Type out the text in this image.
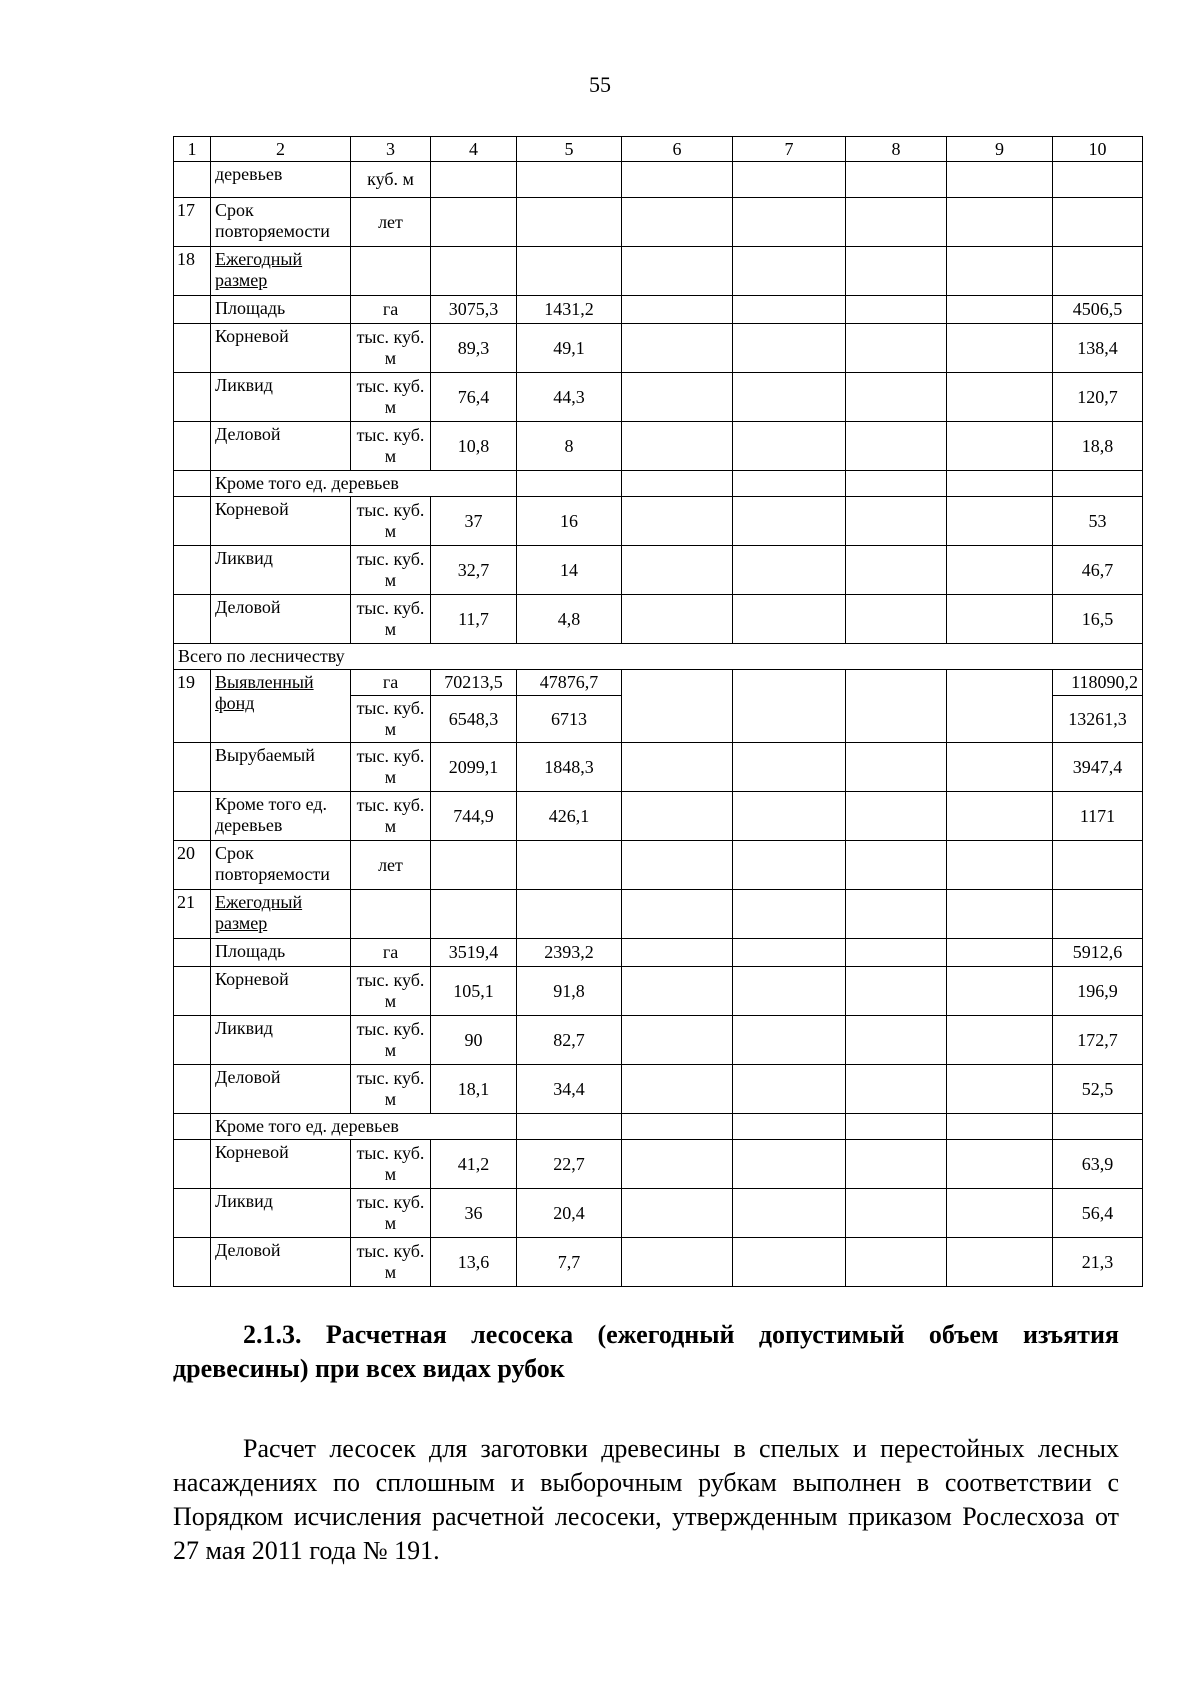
55
1	2	3	4	5	6	7	8	9	10
	деревьев	куб. м							
17	Срок повторяемости	лет							
18	Ежегодный размер								
	Площадь	га	3075,3	1431,2					4506,5
	Корневой	тыс. куб. м	89,3	49,1					138,4
	Ликвид	тыс. куб. м	76,4	44,3					120,7
	Деловой	тыс. куб. м	10,8	8					18,8
	Кроме того ед. деревьев								
	Корневой	тыс. куб. м	37	16					53
	Ликвид	тыс. куб. м	32,7	14					46,7
	Деловой	тыс. куб. м	11,7	4,8					16,5
Всего по лесничеству									
19	Выявленный фонд	га	70213,5	47876,7					118090,2
		тыс. куб. м	6548,3	6713					13261,3
	Вырубаемый	тыс. куб. м	2099,1	1848,3					3947,4
	Кроме того ед. деревьев	тыс. куб. м	744,9	426,1					1171
20	Срок повторяемости	лет							
21	Ежегодный размер								
	Площадь	га	3519,4	2393,2					5912,6
	Корневой	тыс. куб. м	105,1	91,8					196,9
	Ликвид	тыс. куб. м	90	82,7					172,7
	Деловой	тыс. куб. м	18,1	34,4					52,5
	Кроме того ед. деревьев								
	Корневой	тыс. куб. м	41,2	22,7					63,9
	Ликвид	тыс. куб. м	36	20,4					56,4
	Деловой	тыс. куб. м	13,6	7,7					21,3
2.1.3. Расчетная лесосека (ежегодный допустимый объем изъятия древесины) при всех видах рубок
Расчет лесосек для заготовки древесины в спелых и перестойных лесных насаждениях по сплошным и выборочным рубкам выполнен в соответствии с Порядком исчисления расчетной лесосеки, утвержденным приказом Рослесхоза от 27 мая 2011 года № 191.
